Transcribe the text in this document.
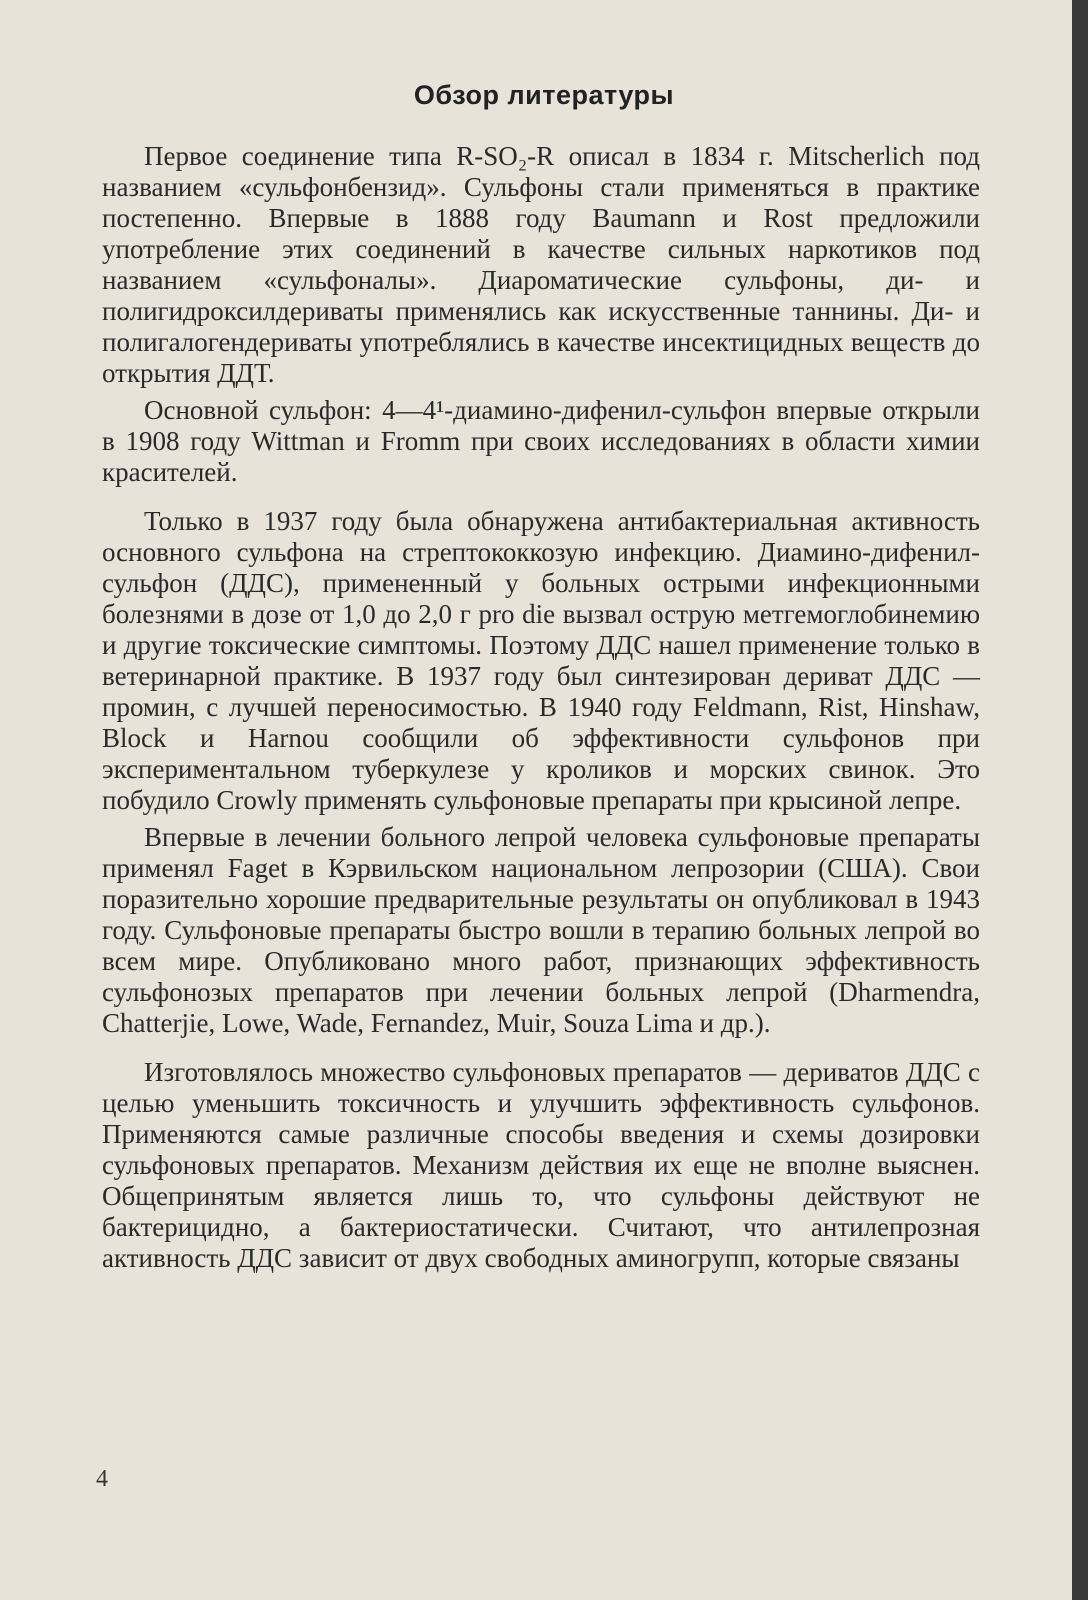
Обзор литературы

Первое соединение типа R-SO₂-R описал в 1834 г. Mitscherlich под названием «сульфонбензид». Сульфоны стали применяться в практике постепенно. Впервые в 1888 году Baumann и Rost предложили употребление этих соединений в качестве сильных наркотиков под названием «сульфоналы». Диароматические сульфоны, ди- и полигидроксилдериваты применялись как искусственные таннины. Ди- и полигалогендериваты употреблялись в качестве инсектицидных веществ до открытия ДДТ.

Основной сульфон: 4—4¹-диамино-дифенил-сульфон впервые открыли в 1908 году Wittman и Fromm при своих исследованиях в области химии красителей.

Только в 1937 году была обнаружена антибактериальная активность основного сульфона на стрептококкозую инфекцию. Диамино-дифенил-сульфон (ДДС), примененный у больных острыми инфекционными болезнями в дозе от 1,0 до 2,0 г pro die вызвал острую метгемоглобинемию и другие токсические симптомы. Поэтому ДДС нашел применение только в ветеринарной практике. В 1937 году был синтезирован дериват ДДС — промин, с лучшей переносимостью. В 1940 году Feldmann, Rist, Hinshaw, Block и Harnou сообщили об эффективности сульфонов при экспериментальном туберкулезе у кроликов и морских свинок. Это побудило Crowly применять сульфоновые препараты при крысиной лепре.

Впервые в лечении больного лепрой человека сульфоновые препараты применял Faget в Кэрвильском национальном лепрозории (США). Свои поразительно хорошие предварительные результаты он опубликовал в 1943 году. Сульфоновые препараты быстро вошли в терапию больных лепрой во всем мире. Опубликовано много работ, признающих эффективность сульфонозых препаратов при лечении больных лепрой (Dharmendra, Chatterjie, Lowe, Wade, Fernandez, Muir, Souza Lima и др.).

Изготовлялось множество сульфоновых препаратов — дериватов ДДС с целью уменьшить токсичность и улучшить эффективность сульфонов. Применяются самые различные способы введения и схемы дозировки сульфоновых препаратов. Механизм действия их еще не вполне выяснен. Общепринятым является лишь то, что сульфоны действуют не бактерицидно, а бактериостатически. Считают, что антилепрозная активность ДДС зависит от двух свободных аминогрупп, которые связаны

4
